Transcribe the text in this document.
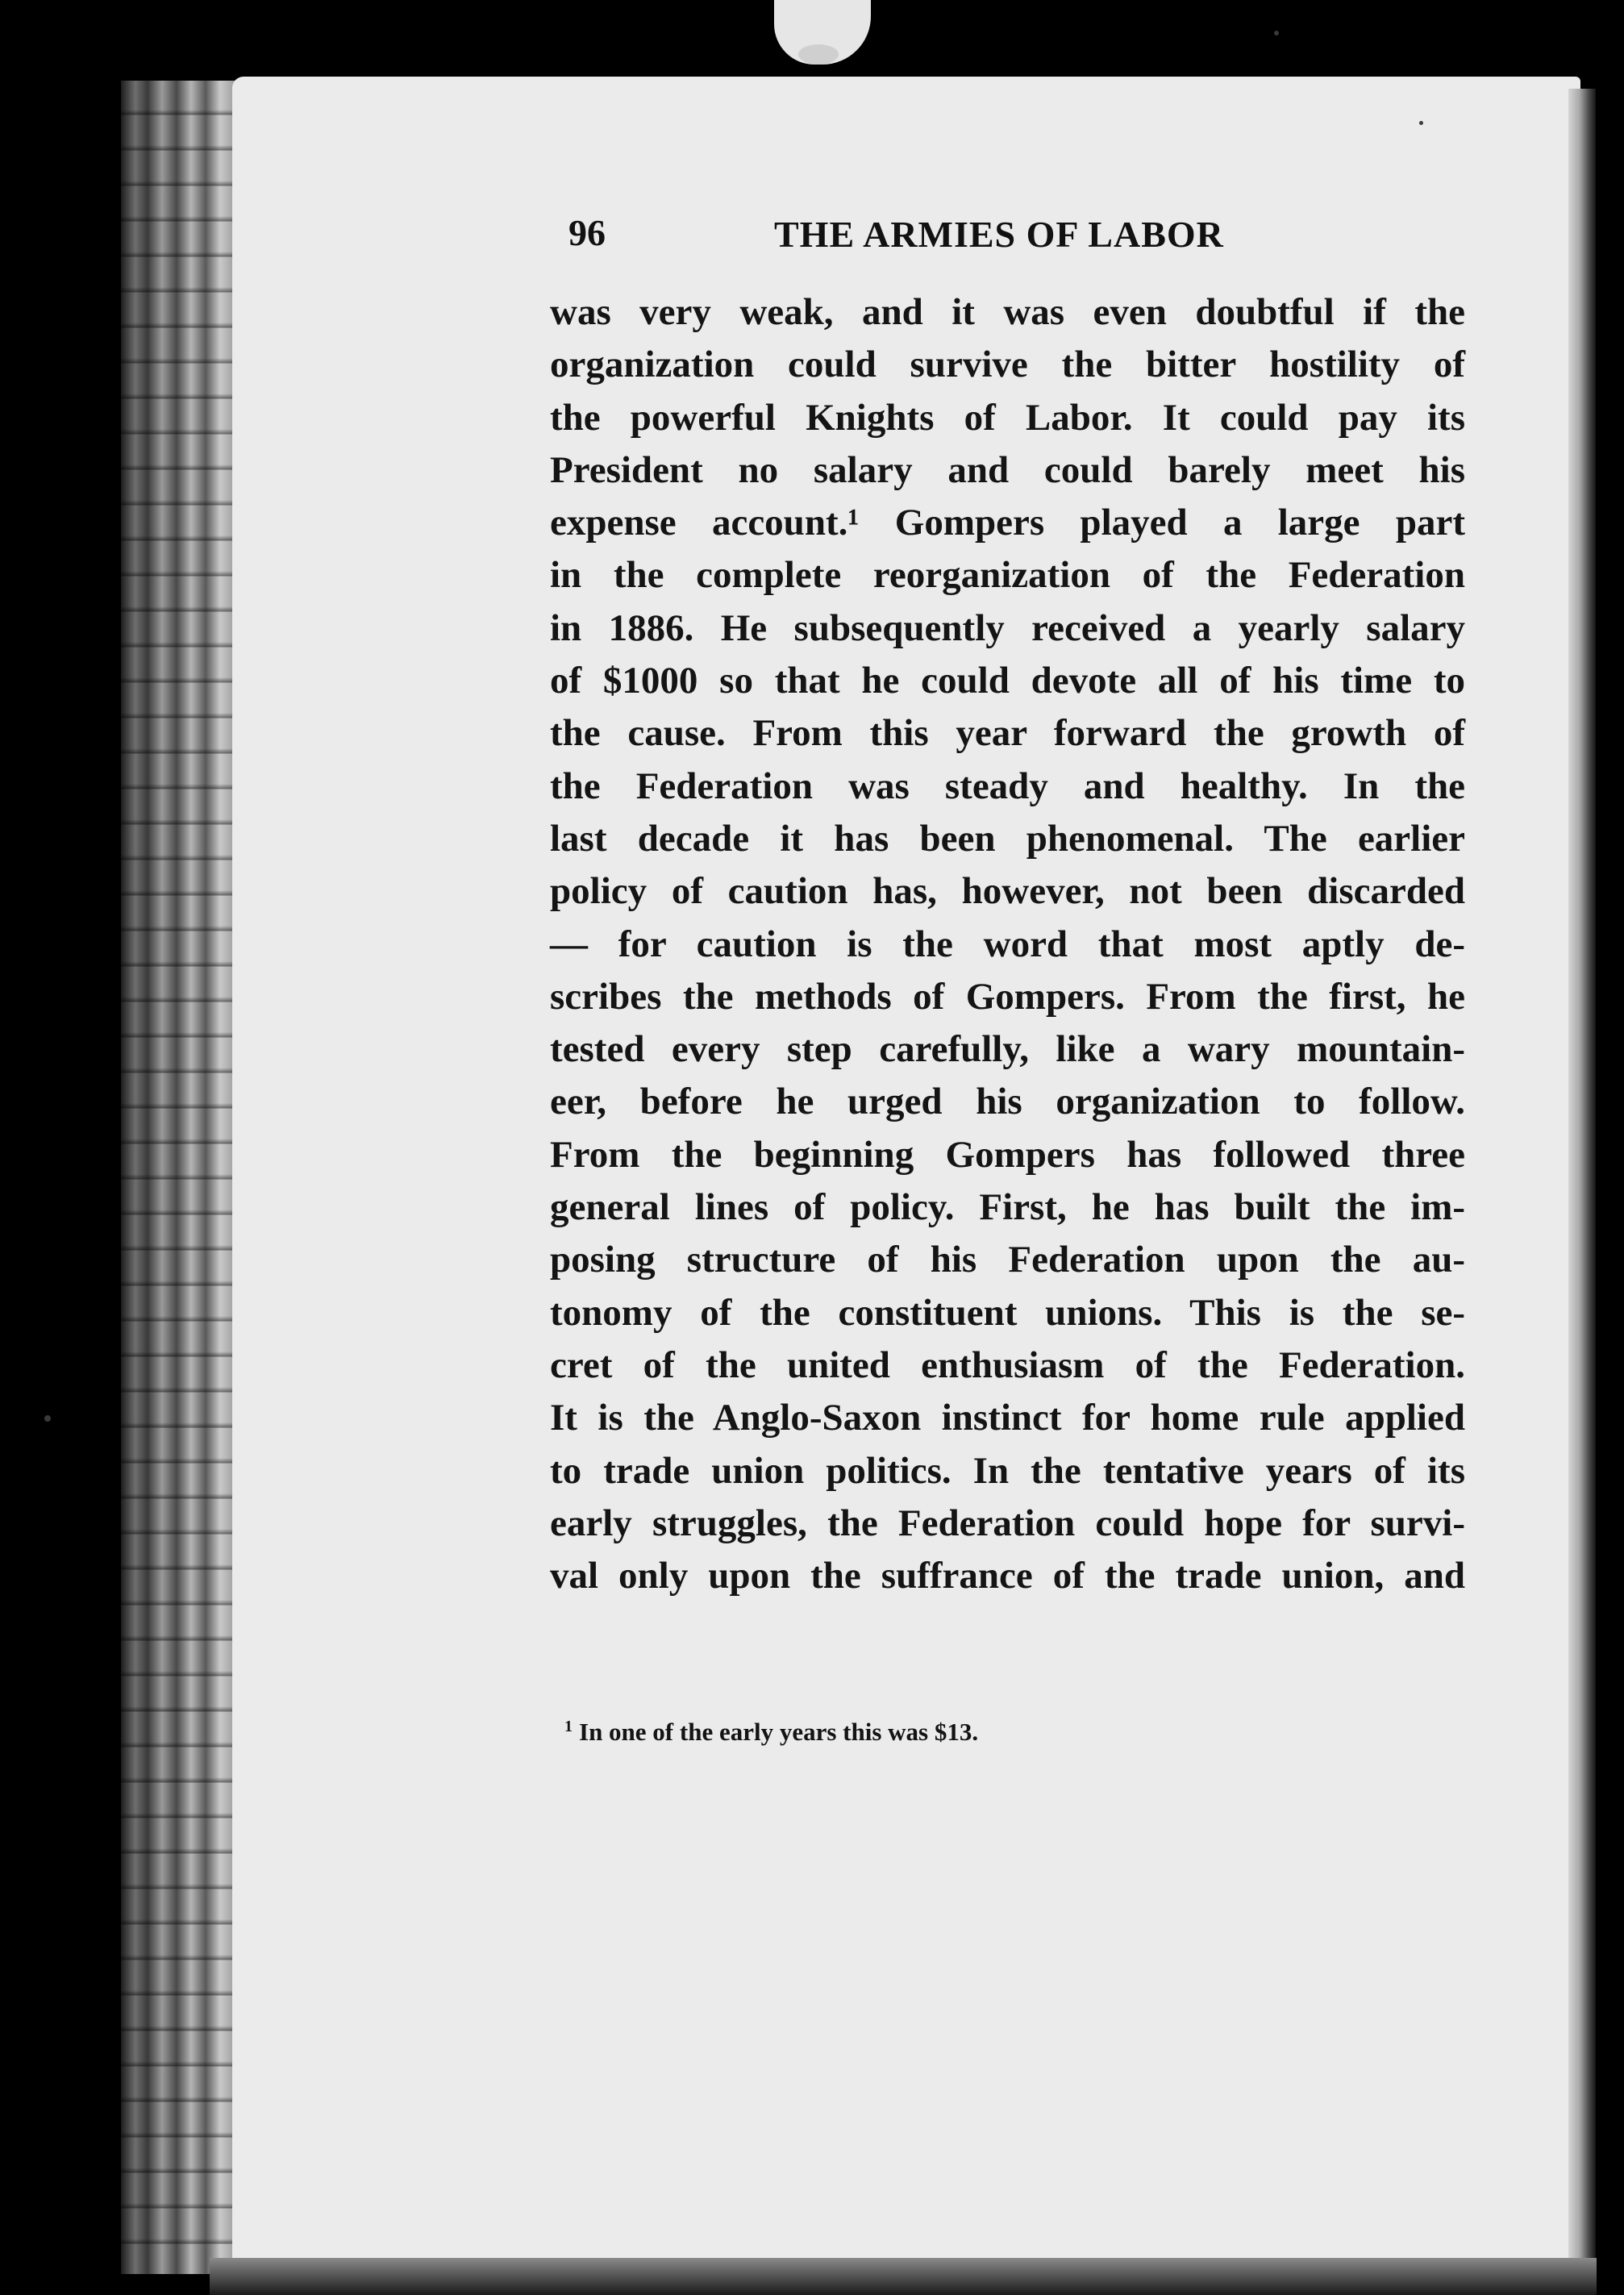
96	THE ARMIES OF LABOR
was very weak, and it was even doubtful if the
organization could survive the bitter hostility of
the powerful Knights of Labor. It could pay its
President no salary and could barely meet his
expense account.¹ Gompers played a large part
in the complete reorganization of the Federation
in 1886. He subsequently received a yearly salary
of $1000 so that he could devote all of his time to
the cause. From this year forward the growth of
the Federation was steady and healthy. In the
last decade it has been phenomenal. The earlier
policy of caution has, however, not been discarded
— for caution is the word that most aptly de-
scribes the methods of Gompers. From the first, he
tested every step carefully, like a wary mountain-
eer, before he urged his organization to follow.
From the beginning Gompers has followed three
general lines of policy. First, he has built the im-
posing structure of his Federation upon the au-
tonomy of the constituent unions. This is the se-
cret of the united enthusiasm of the Federation.
It is the Anglo-Saxon instinct for home rule applied
to trade union politics. In the tentative years of its
early struggles, the Federation could hope for survi-
val only upon the suffrance of the trade union, and
$^1$ In one of the early years this was $13.
